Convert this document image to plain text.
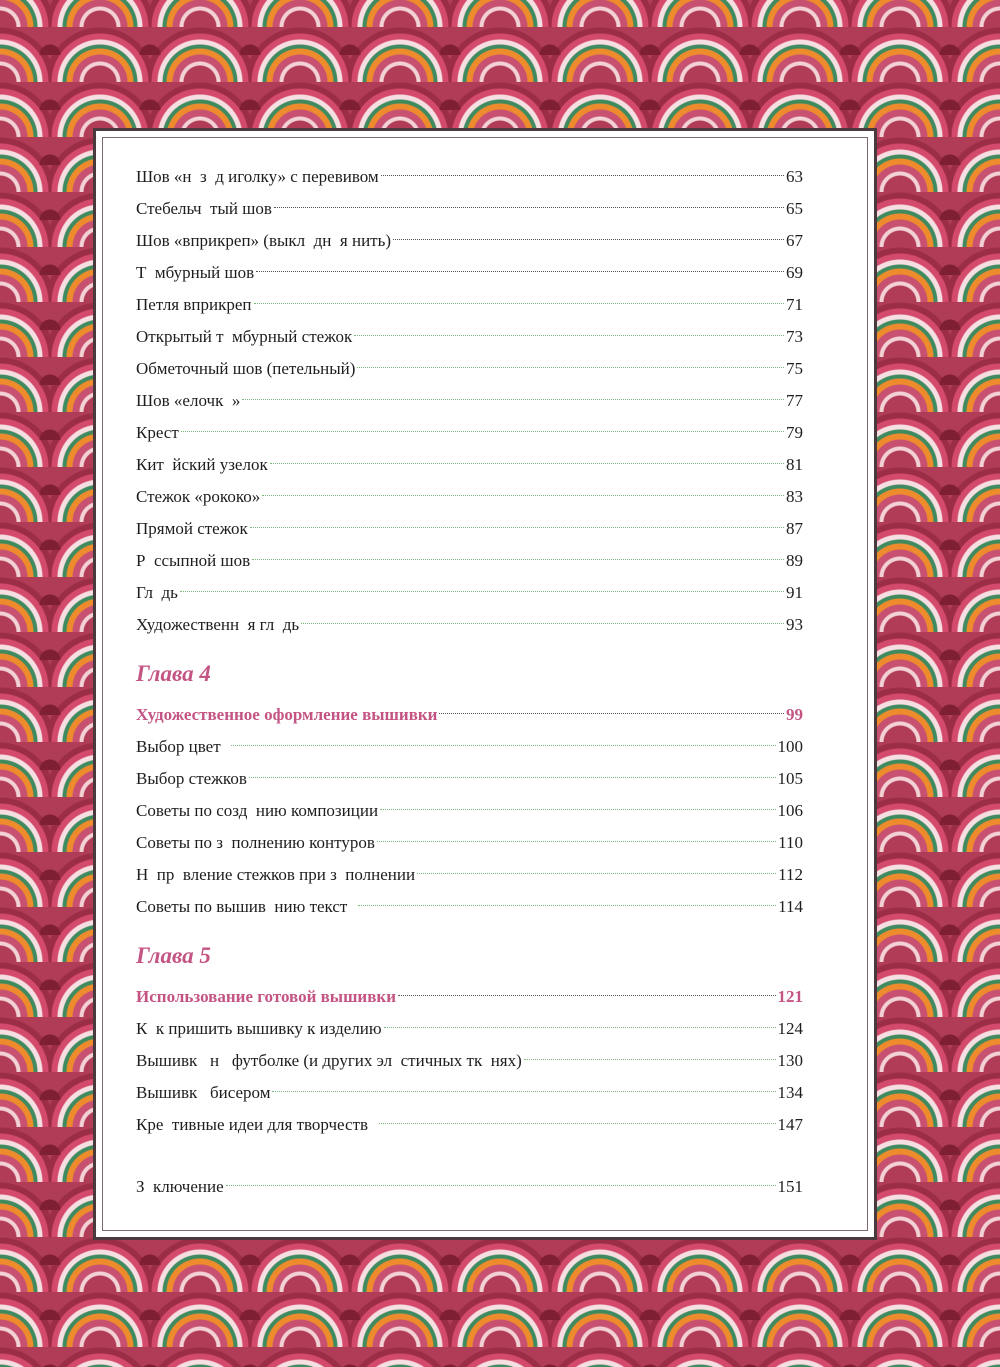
Шов «н  з  д иголку» с перевивом	63
Стебельч  тый шов	65
Шов «вприкреп» (выкл  дн  я нить)	67
Т  мбурный шов	69
Петля вприкреп	71
Открытый т  мбурный стежок	73
Обметочный шов (петельный)	75
Шов «елочк  »	77
Крест	79
Кит  йский узелок	81
Стежок «рококо»	83
Прямой стежок	87
Р  ссыпной шов	89
Гл  дь	91
Художественн  я гл  дь	93
Глава 4
Художественное оформление вышивки	99
Выбор цвет	100
Выбор стежков	105
Советы по созд  нию композиции	106
Советы по з  полнению контуров	110
Н  пр  вление стежков при з  полнении	112
Советы по вышив  нию текст	114
Глава 5
Использование готовой вышивки	121
К  к пришить вышивку к изделию	124
Вышивк   н   футболке (и других эл  стичных тк  нях)	130
Вышивк   бисером	134
Кре  тивные идеи для творчеств	147
З  ключение	151
